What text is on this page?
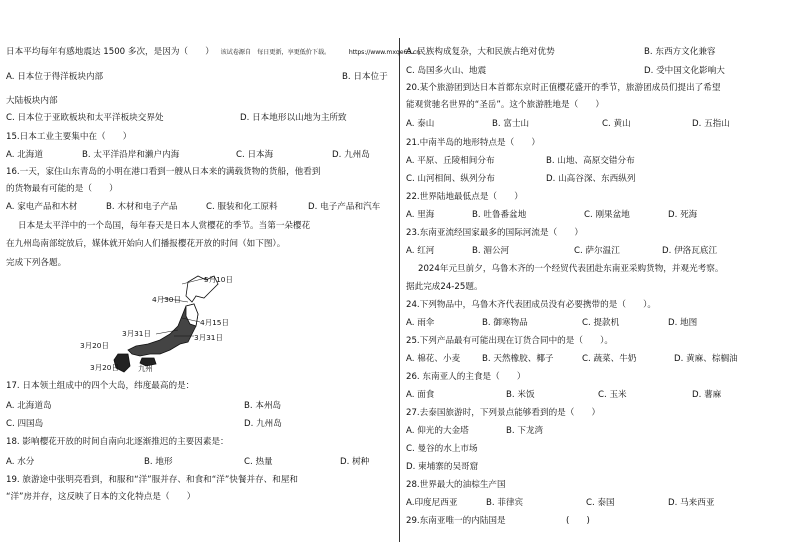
日本平均每年有感地震达 1500 多次，是因为（　　） 该试卷源自　每日更新，享更低价下载。	https://www.mxqe63.cn
A. 日本位于得洋板块内部	B. 日本位于
大陆板块内部
C. 日本位于亚欧板块和太平洋板块交界处	D. 日本地形以山地为主所致
15.日本工业主要集中在（　　）
A. 北海道	B. 太平洋沿岸和濑户内海	C. 日本海	D. 九州岛
16.一天，家住山东青岛的小明在港口看到一艘从日本来的满载货物的货船，他看到
的货物最有可能的是（　　）
A. 家电产品和木材	B. 木材和电子产品	C. 服装和化工原料	D. 电子产品和汽车
日本是太平洋中的一个岛国，每年春天是日本人赏樱花的季节。当第一朵樱花
在九州岛南部绽放后，媒体就开始向人们播报樱花开放的时间（如下图）。
完成下列各题。
5月10日
4月30日
4月15日
3月31日	3月31日
3月20日
3月20日	九州
17. 日本领土组成中的四个大岛，纬度最高的是：
A. 北海道岛	B. 本州岛
C. 四国岛	D. 九州岛
18. 影响樱花开放的时间自南向北逐渐推迟的主要因素是：
A. 水分	B. 地形	C. 热量	D. 树种
19. 旅游途中张明亮看到，和服和“洋”服并存、和食和“洋”快餐并存、和屋和
“洋”房并存，这反映了日本的文化特点是（　　）
A. 民族构成复杂，大和民族占绝对优势	B. 东西方文化兼容
C. 岛国多火山、地震	D. 受中国文化影响大
20.某个旅游团到达日本首都东京时正值樱花盛开的季节，旅游团成员们提出了希望
能观赏驰名世界的“圣岳”。这个旅游胜地是（　　）
A. 泰山	B. 富士山	C. 黄山	D. 五指山
21.中南半岛的地形特点是（　　）
A. 平原、丘陵相间分布	B. 山地、高原交错分布
C. 山河相间、纵列分布	D. 山高谷深、东西纵列
22.世界陆地最低点是（　　）
A. 里海	B. 吐鲁番盆地	C. 刚果盆地	D. 死海
23.东南亚流经国家最多的国际河流是（　　）
A. 红河	B. 湄公河	C. 萨尔温江	D. 伊洛瓦底江
2024年元旦前夕，乌鲁木齐的一个经贸代表团赴东南亚采购货物，并观光考察。
据此完成24-25题。
24.下列物品中，乌鲁木齐代表团成员没有必要携带的是（　　）。
A. 雨伞	B. 御寒物品	C. 提款机	D. 地图
25.下列产品最有可能出现在订货合同中的是（　　）。
A. 棉花、小麦	B. 天然橡胶、椰子	C. 蔬菜、牛奶	D. 黄麻、棕榈油
26. 东南亚人的主食是（　　）
A. 面食	B. 米饭	C. 玉米	D. 薯麻
27.去泰国旅游时，下列景点能够看到的是（　　）
A. 仰光的大金塔	B. 下龙湾
C. 曼谷的水上市场
D. 柬埔寨的吴哥窟
28.世界最大的油棕生产国
A.印度尼西亚	B. 菲律宾	C. 泰国	D. 马来西亚
29.东南亚唯一的内陆国是	(　　)
